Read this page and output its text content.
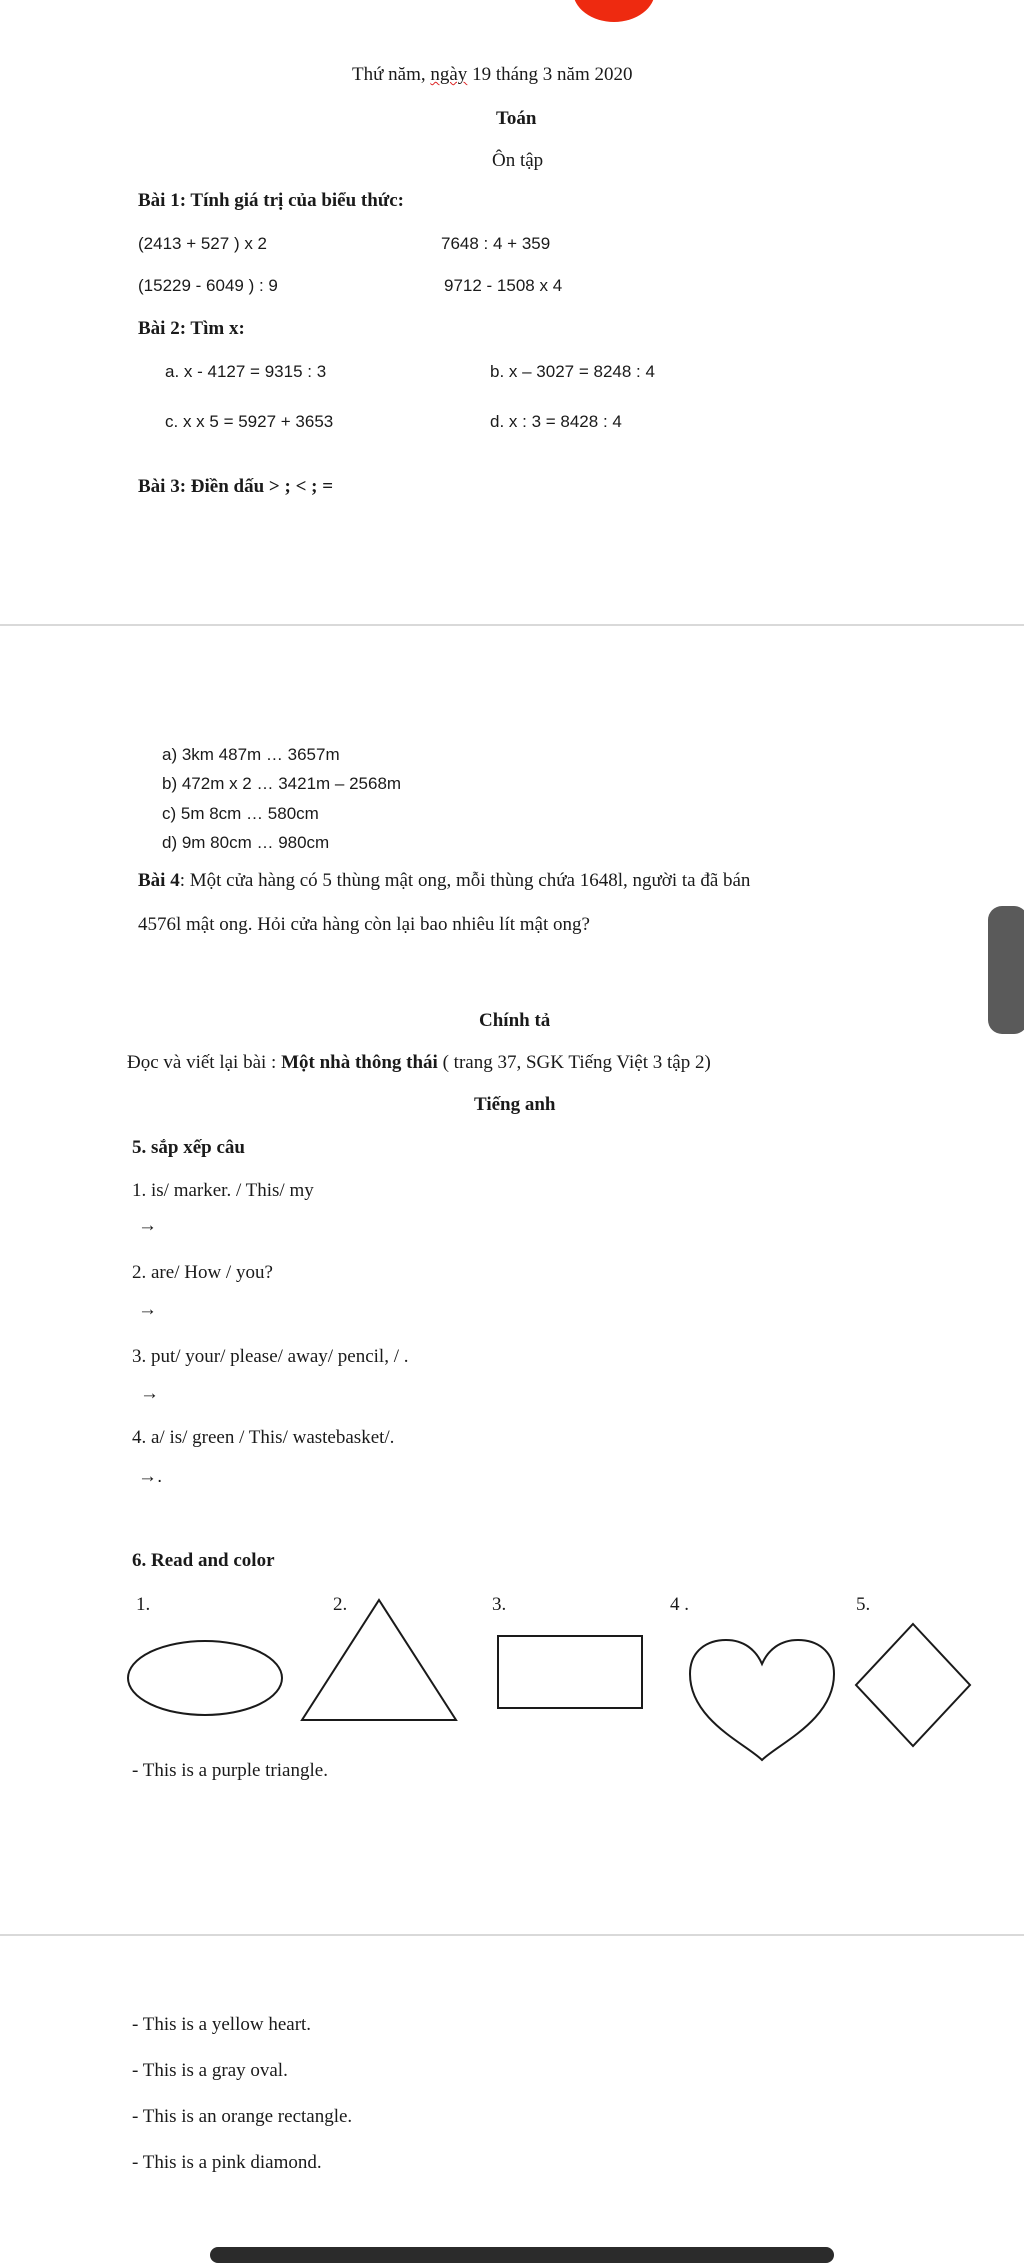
Thứ năm, ngày 19 tháng 3 năm 2020
Toán
Ôn tập
Bài 1: Tính giá trị của biểu thức:
(2413 + 527 ) x 2	7648 : 4 + 359
(15229 - 6049 ) : 9	9712 - 1508 x 4
Bài 2: Tìm x:
a. x - 4127 = 9315 : 3	b. x – 3027 = 8248 : 4
c. x x 5 = 5927 + 3653	d. x : 3 = 8428 : 4
Bài 3: Điền dấu > ; < ; =
a) 3km 487m … 3657m
b) 472m x 2 … 3421m – 2568m
c) 5m 8cm … 580cm
d) 9m 80cm … 980cm
Bài 4: Một cửa hàng có 5 thùng mật ong, mỗi thùng chứa 1648l, người ta đã bán
4576l mật ong. Hỏi cửa hàng còn lại bao nhiêu lít mật ong?
Chính tả
Đọc và viết lại bài : Một nhà thông thái ( trang 37, SGK Tiếng Việt 3 tập 2)
Tiếng anh
5. sắp xếp câu
1. is/ marker. / This/ my
→
2. are/ How / you?
→
3. put/ your/ please/ away/ pencil, / .
→
4. a/ is/ green / This/ wastebasket/.
→.
6. Read and color
1.	2.	3.	4 .	5.
- This is a purple triangle.
- This is a yellow heart.
- This is a gray oval.
- This is an orange rectangle.
- This is a pink diamond.
